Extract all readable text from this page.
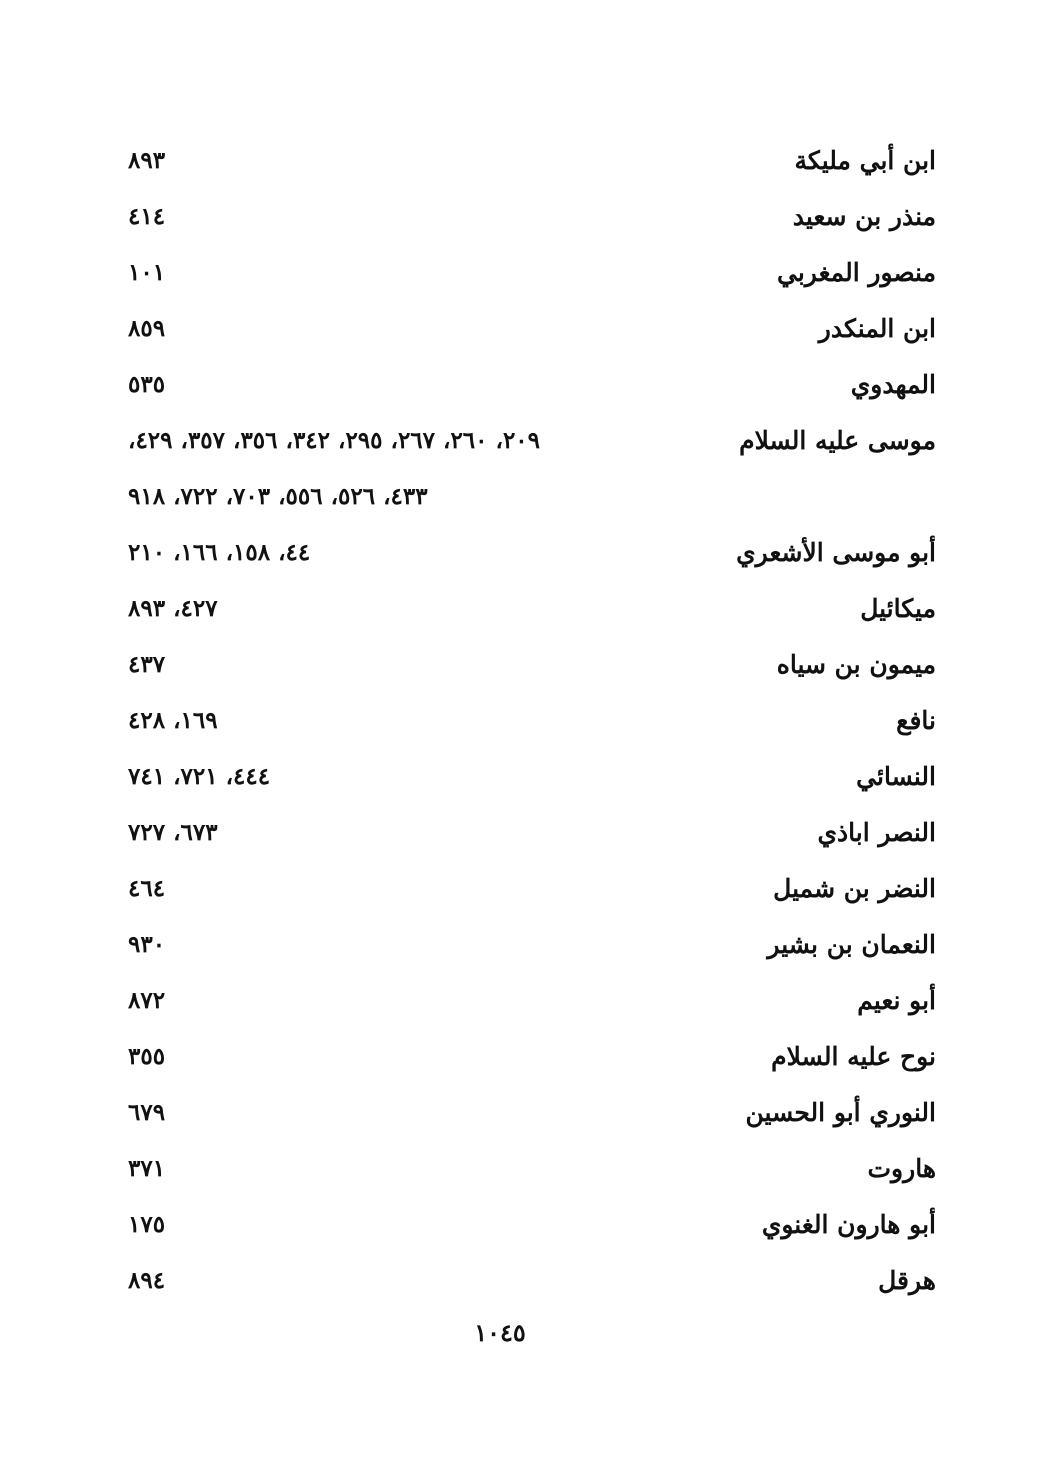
ابن أبي مليكة
٨٩٣
منذر بن سعيد
٤١٤
منصور المغربي
١٠١
ابن المنكدر
٨٥٩
المهدوي
٥٣٥
موسى عليه السلام
٢٠٩، ٢٦٠، ٢٦٧، ٢٩٥، ٣٤٢، ٣٥٦، ٣٥٧، ٤٢٩،
٤٣٣، ٥٢٦، ٥٥٦، ٧٠٣، ٧٢٢، ٩١٨
أبو موسى الأشعري
٤٤، ١٥٨، ١٦٦، ٢١٠
ميكائيل
٤٢٧، ٨٩٣
ميمون بن سياه
٤٣٧
نافع
١٦٩، ٤٢٨
النسائي
٤٤٤، ٧٢١، ٧٤١
النصر اباذي
٦٧٣، ٧٢٧
النضر بن شميل
٤٦٤
النعمان بن بشير
٩٣٠
أبو نعيم
٨٧٢
نوح عليه السلام
٣٥٥
النوري أبو الحسين
٦٧٩
هاروت
٣٧١
أبو هارون الغنوي
١٧٥
هرقل
٨٩٤
١٠٤٥
